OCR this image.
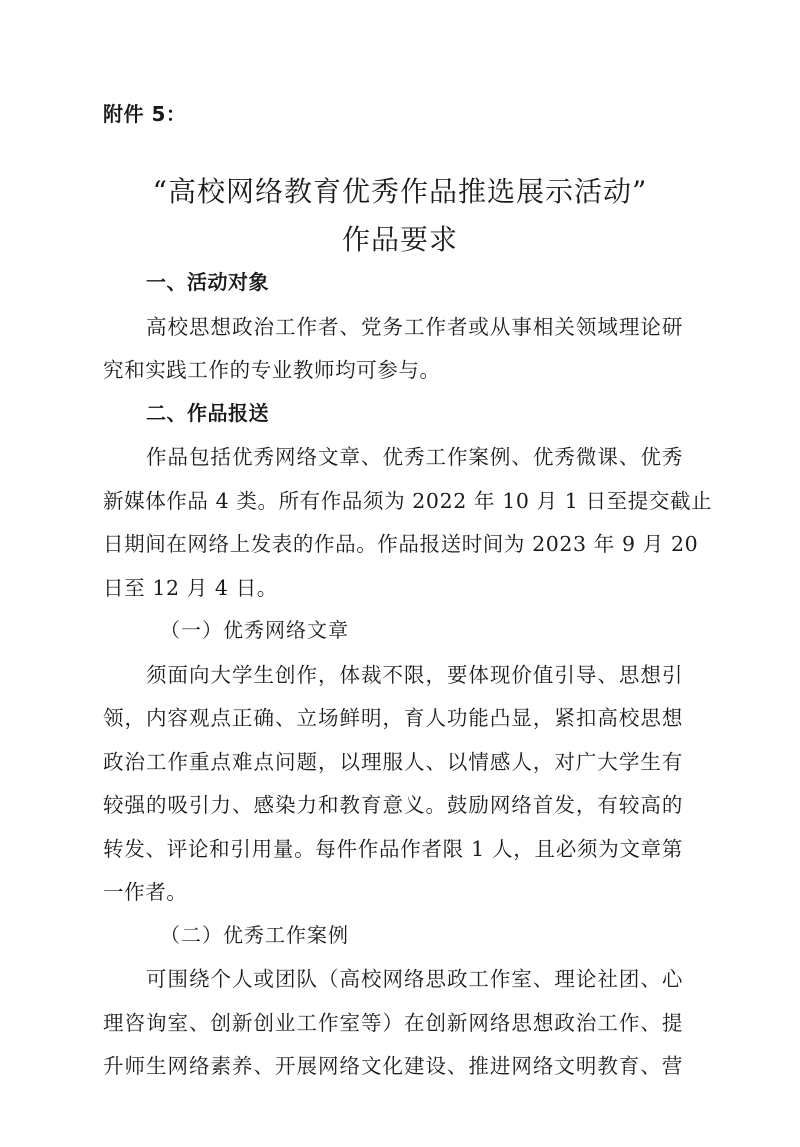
附件 5：
“高校网络教育优秀作品推选展示活动”
作品要求
一、活动对象
高校思想政治工作者、党务工作者或从事相关领域理论研
究和实践工作的专业教师均可参与。
二、作品报送
作品包括优秀网络文章、优秀工作案例、优秀微课、优秀
新媒体作品 4 类。所有作品须为 2022 年 10 月 1 日至提交截止
日期间在网络上发表的作品。作品报送时间为 2023 年 9 月 20
日至 12 月 4 日。
（一）优秀网络文章
须面向大学生创作，体裁不限，要体现价值引导、思想引
领，内容观点正确、立场鲜明，育人功能凸显，紧扣高校思想
政治工作重点难点问题，以理服人、以情感人，对广大学生有
较强的吸引力、感染力和教育意义。鼓励网络首发，有较高的
转发、评论和引用量。每件作品作者限 1 人，且必须为文章第
一作者。
（二）优秀工作案例
可围绕个人或团队（高校网络思政工作室、理论社团、心
理咨询室、创新创业工作室等）在创新网络思想政治工作、提
升师生网络素养、开展网络文化建设、推进网络文明教育、营
